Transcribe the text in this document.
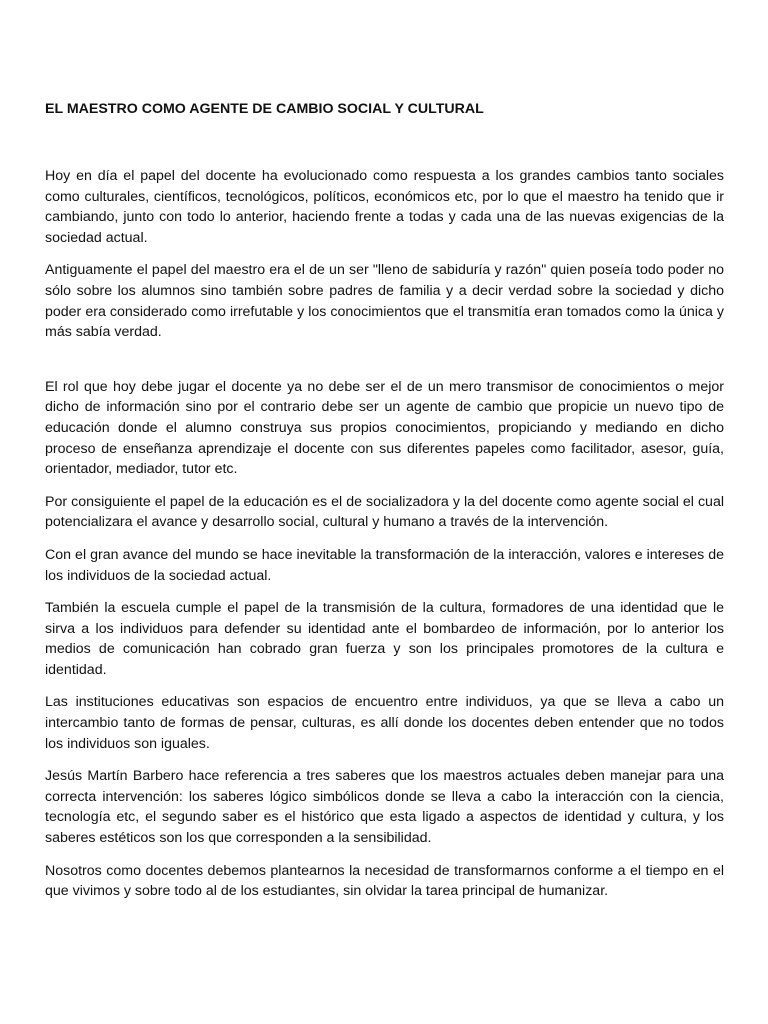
EL MAESTRO COMO AGENTE DE CAMBIO SOCIAL Y CULTURAL

Hoy en día el papel del docente ha evolucionado como respuesta a los grandes cambios tanto sociales como culturales, científicos, tecnológicos, políticos, económicos etc, por lo que el maestro ha tenido que ir cambiando, junto con todo lo anterior, haciendo frente a todas y cada una de las nuevas exigencias de la sociedad actual.

Antiguamente el papel del maestro era el de un ser "lleno de sabiduría y razón" quien poseía todo poder no sólo sobre los alumnos sino también sobre padres de familia y a decir verdad sobre la sociedad y dicho poder era considerado como irrefutable y los conocimientos que el transmitía eran tomados como la única y más sabía verdad.

El rol que hoy debe jugar el docente ya no debe ser el de un mero transmisor de conocimientos o mejor dicho de información sino por el contrario debe ser un agente de cambio que propicie un nuevo tipo de educación donde el alumno construya sus propios conocimientos, propiciando y mediando en dicho proceso de enseñanza aprendizaje el docente con sus diferentes papeles como facilitador, asesor, guía, orientador, mediador, tutor etc.

Por consiguiente el papel de la educación es el de socializadora y la del docente como agente social el cual potencializara el avance y desarrollo social, cultural y humano a través de la intervención.

Con el gran avance del mundo se hace inevitable la transformación de la interacción, valores e intereses de los individuos de la sociedad actual.

También la escuela cumple el papel de la transmisión de la cultura, formadores de una identidad que le sirva a los individuos para defender su identidad ante el bombardeo de información, por lo anterior los medios de comunicación han cobrado gran fuerza y son los principales promotores de la cultura e identidad.

Las instituciones educativas son espacios de encuentro entre individuos, ya que se lleva a cabo un intercambio tanto de formas de pensar, culturas, es allí donde los docentes deben entender que no todos los individuos son iguales.

Jesús Martín Barbero hace referencia a tres saberes que los maestros actuales deben manejar para una correcta intervención: los saberes lógico simbólicos donde se lleva a cabo la interacción con la ciencia, tecnología etc, el segundo saber es el histórico que esta ligado a aspectos de identidad y cultura, y los saberes estéticos son los que corresponden a la sensibilidad.

Nosotros como docentes debemos plantearnos la necesidad de transformarnos conforme a el tiempo en el que vivimos y sobre todo al de los estudiantes, sin olvidar la tarea principal de humanizar.
